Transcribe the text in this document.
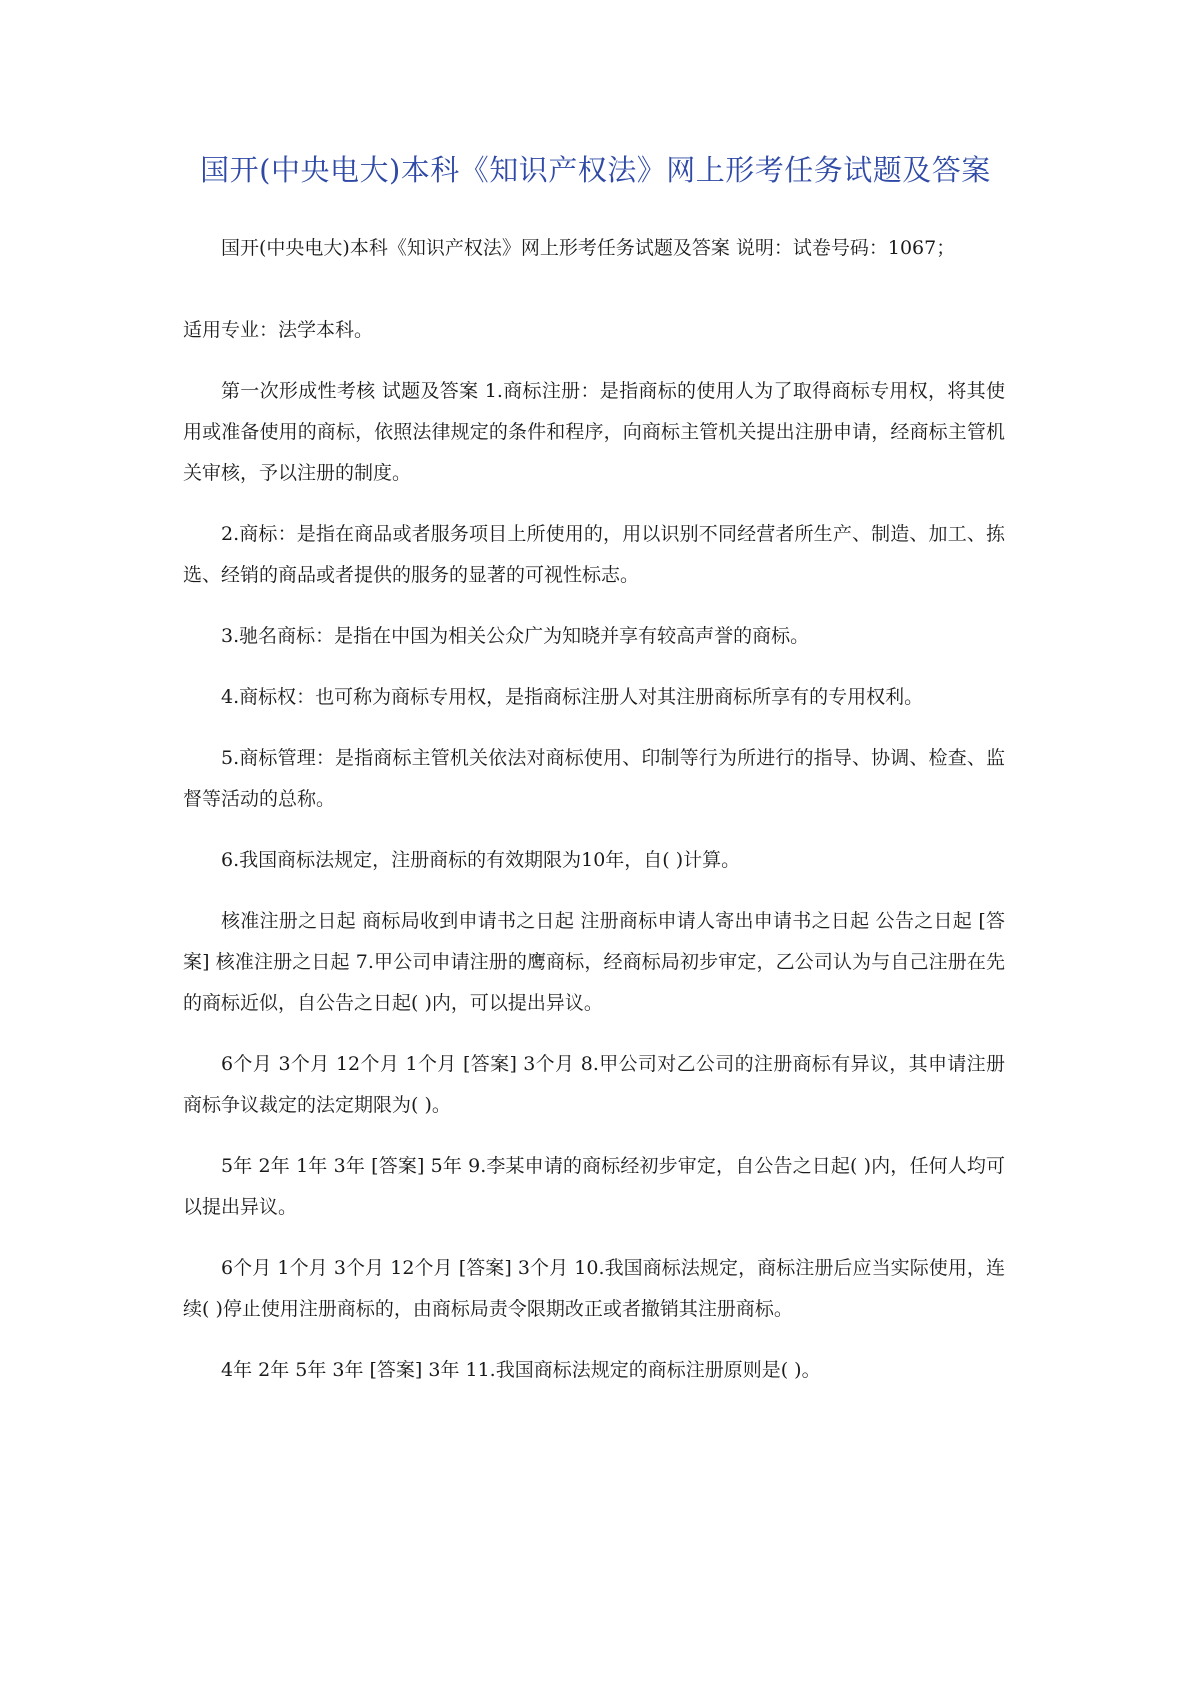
国开(中央电大)本科《知识产权法》网上形考任务试题及答案

国开(中央电大)本科《知识产权法》网上形考任务试题及答案 说明：试卷号码：1067；

适用专业：法学本科。

第一次形成性考核 试题及答案 1.商标注册：是指商标的使用人为了取得商标专用权，将其使用或准备使用的商标，依照法律规定的条件和程序，向商标主管机关提出注册申请，经商标主管机关审核，予以注册的制度。

2.商标：是指在商品或者服务项目上所使用的，用以识别不同经营者所生产、制造、加工、拣选、经销的商品或者提供的服务的显著的可视性标志。

3.驰名商标：是指在中国为相关公众广为知晓并享有较高声誉的商标。

4.商标权：也可称为商标专用权，是指商标注册人对其注册商标所享有的专用权利。

5.商标管理：是指商标主管机关依法对商标使用、印制等行为所进行的指导、协调、检查、监督等活动的总称。

6.我国商标法规定，注册商标的有效期限为10年，自( )计算。

核准注册之日起 商标局收到申请书之日起 注册商标申请人寄出申请书之日起 公告之日起 [答案] 核准注册之日起 7.甲公司申请注册的鹰商标，经商标局初步审定，乙公司认为与自己注册在先的商标近似，自公告之日起( )内，可以提出异议。

6个月 3个月 12个月 1个月 [答案] 3个月 8.甲公司对乙公司的注册商标有异议，其申请注册商标争议裁定的法定期限为( )。

5年 2年 1年 3年 [答案] 5年 9.李某申请的商标经初步审定，自公告之日起( )内，任何人均可以提出异议。

6个月 1个月 3个月 12个月 [答案] 3个月 10.我国商标法规定，商标注册后应当实际使用，连续( )停止使用注册商标的，由商标局责令限期改正或者撤销其注册商标。

4年 2年 5年 3年 [答案] 3年 11.我国商标法规定的商标注册原则是( )。
